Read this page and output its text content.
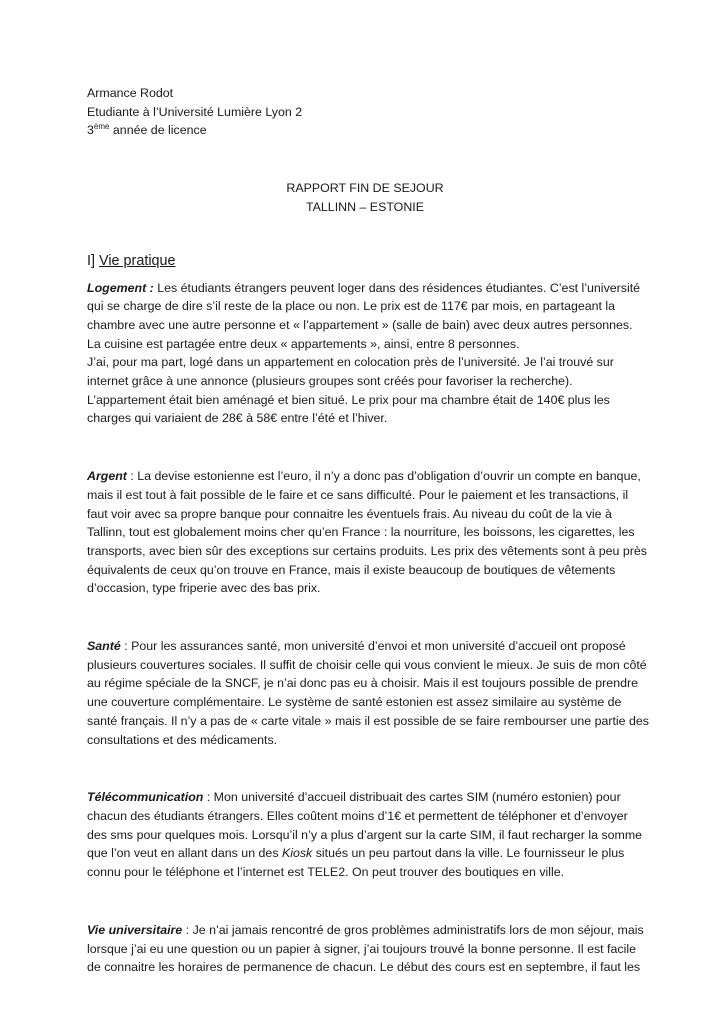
Armance Rodot
Etudiante à l’Université Lumière Lyon 2
3ème année de licence
RAPPORT FIN DE SEJOUR
TALLINN – ESTONIE
I] Vie pratique
Logement : Les étudiants étrangers peuvent loger dans des résidences étudiantes. C’est l’université
qui se charge de dire s’il reste de la place ou non. Le prix est de 117€ par mois, en partageant la
chambre avec une autre personne et « l’appartement » (salle de bain) avec deux autres personnes.
La cuisine est partagée entre deux « appartements », ainsi, entre 8 personnes.
J’ai, pour ma part, logé dans un appartement en colocation près de l’université. Je l’ai trouvé sur
internet grâce à une annonce (plusieurs groupes sont créés pour favoriser la recherche).
L’appartement était bien aménagé et bien situé. Le prix pour ma chambre était de 140€ plus les
charges qui variaient de 28€ à 58€ entre l’été et l’hiver.
Argent : La devise estonienne est l’euro, il n’y a donc pas d’obligation d’ouvrir un compte en banque,
mais il est tout à fait possible de le faire et ce sans difficulté. Pour le paiement et les transactions, il
faut voir avec sa propre banque pour connaitre les éventuels frais. Au niveau du coût de la vie à
Tallinn, tout est globalement moins cher qu’en France : la nourriture, les boissons, les cigarettes, les
transports, avec bien sûr des exceptions sur certains produits. Les prix des vêtements sont à peu près
équivalents de ceux qu’on trouve en France, mais il existe beaucoup de boutiques de vêtements
d’occasion, type friperie avec des bas prix.
Santé : Pour les assurances santé, mon université d’envoi et mon université d’accueil ont proposé
plusieurs couvertures sociales. Il suffit de choisir celle qui vous convient le mieux. Je suis de mon côté
au régime spéciale de la SNCF, je n’ai donc pas eu à choisir. Mais il est toujours possible de prendre
une couverture complémentaire. Le système de santé estonien est assez similaire au système de
santé français. Il n’y a pas de « carte vitale » mais il est possible de se faire rembourser une partie des
consultations et des médicaments.
Télécommunication : Mon université d’accueil distribuait des cartes SIM (numéro estonien) pour
chacun des étudiants étrangers. Elles coûtent moins d’1€ et permettent de téléphoner et d’envoyer
des sms pour quelques mois. Lorsqu’il n’y a plus d’argent sur la carte SIM, il faut recharger la somme
que l’on veut en allant dans un des Kiosk situés un peu partout dans la ville. Le fournisseur le plus
connu pour le téléphone et l’internet est TELE2. On peut trouver des boutiques en ville.
Vie universitaire : Je n’ai jamais rencontré de gros problèmes administratifs lors de mon séjour, mais
lorsque j’ai eu une question ou un papier à signer, j’ai toujours trouvé la bonne personne. Il est facile
de connaitre les horaires de permanence de chacun. Le début des cours est en septembre, il faut les
